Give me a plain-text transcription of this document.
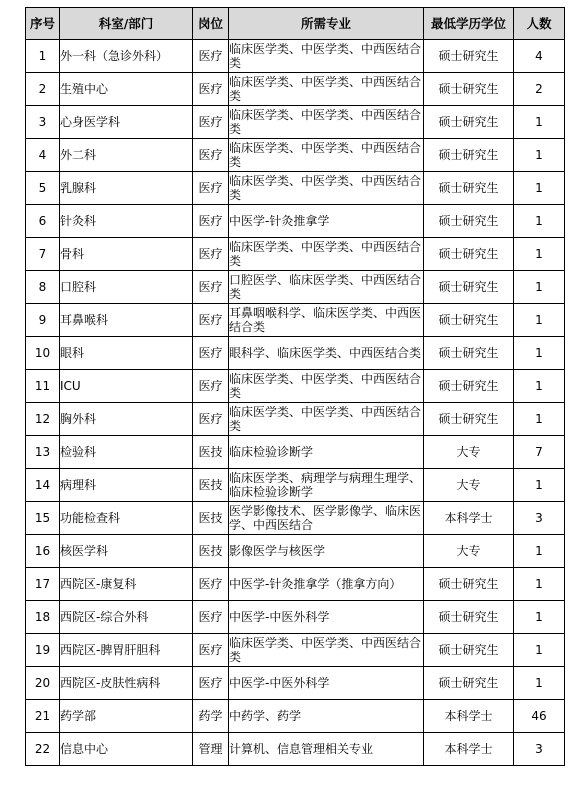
序号	科室/部门	岗位	所需专业	最低学历学位	人数
1	外一科（急诊外科）	医疗	临床医学类、中医学类、中西医结合类	硕士研究生	4
2	生殖中心	医疗	临床医学类、中医学类、中西医结合类	硕士研究生	2
3	心身医学科	医疗	临床医学类、中医学类、中西医结合类	硕士研究生	1
4	外二科	医疗	临床医学类、中医学类、中西医结合类	硕士研究生	1
5	乳腺科	医疗	临床医学类、中医学类、中西医结合类	硕士研究生	1
6	针灸科	医疗	中医学-针灸推拿学	硕士研究生	1
7	骨科	医疗	临床医学类、中医学类、中西医结合类	硕士研究生	1
8	口腔科	医疗	口腔医学、临床医学类、中西医结合类	硕士研究生	1
9	耳鼻喉科	医疗	耳鼻咽喉科学、临床医学类、中西医结合类	硕士研究生	1
10	眼科	医疗	眼科学、临床医学类、中西医结合类	硕士研究生	1
11	ICU	医疗	临床医学类、中医学类、中西医结合类	硕士研究生	1
12	胸外科	医疗	临床医学类、中医学类、中西医结合类	硕士研究生	1
13	检验科	医技	临床检验诊断学	大专	7
14	病理科	医技	临床医学类、病理学与病理生理学、临床检验诊断学	大专	1
15	功能检查科	医技	医学影像技术、医学影像学、临床医学、中西医结合	本科学士	3
16	核医学科	医技	影像医学与核医学	大专	1
17	西院区-康复科	医疗	中医学-针灸推拿学（推拿方向）	硕士研究生	1
18	西院区-综合外科	医疗	中医学-中医外科学	硕士研究生	1
19	西院区-脾胃肝胆科	医疗	临床医学类、中医学类、中西医结合类	硕士研究生	1
20	西院区-皮肤性病科	医疗	中医学-中医外科学	硕士研究生	1
21	药学部	药学	中药学、药学	本科学士	46
22	信息中心	管理	计算机、信息管理相关专业	本科学士	3
